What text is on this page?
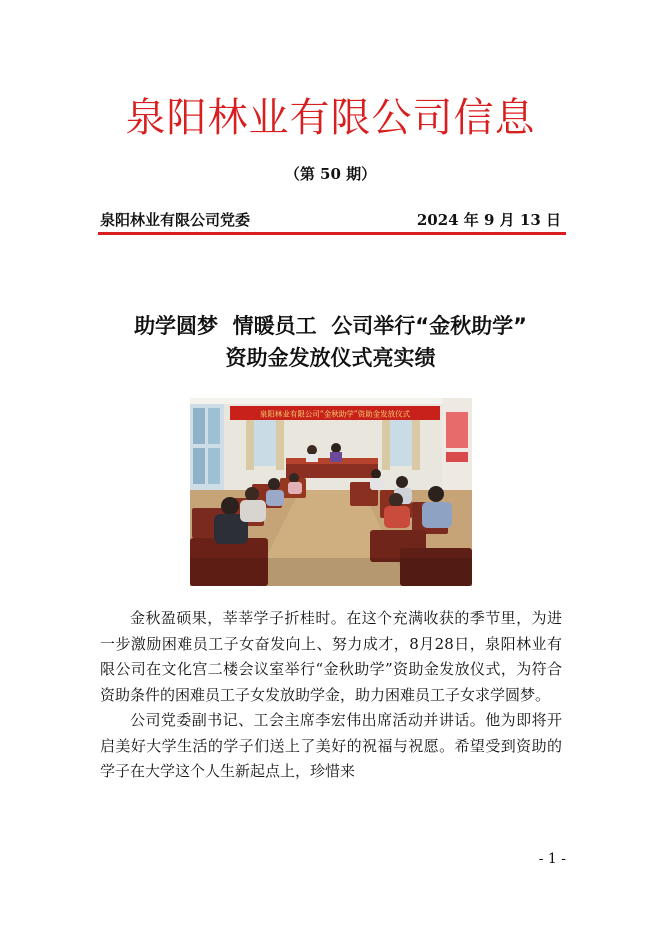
泉阳林业有限公司信息
（第 50 期）
泉阳林业有限公司党委	2024 年 9 月 13 日
助学圆梦  情暖员工  公司举行“金秋助学”
资助金发放仪式亮实绩
泉阳林业有限公司“金秋助学”资助金发放仪式

金秋盈硕果，莘莘学子折桂时。在这个充满收获的季节里，为进一步激励困难员工子女奋发向上、努力成才，8月28日，泉阳林业有限公司在文化宫二楼会议室举行“金秋助学”资助金发放仪式，为符合资助条件的困难员工子女发放助学金，助力困难员工子女求学圆梦。

公司党委副书记、工会主席李宏伟出席活动并讲话。他为即将开启美好大学生活的学子们送上了美好的祝福与祝愿。希望受到资助的学子在大学这个人生新起点上，珍惜来

- 1 -
